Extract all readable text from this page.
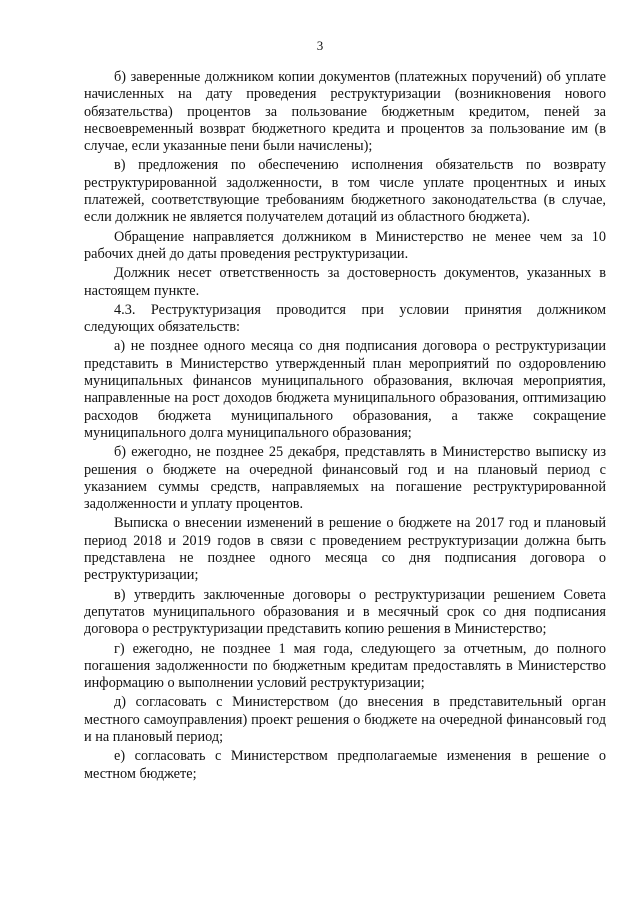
3

б) заверенные должником копии документов (платежных поручений) об уплате начисленных на дату проведения реструктуризации (возникновения нового обязательства) процентов за пользование бюджетным кредитом, пеней за несвоевременный возврат бюджетного кредита и процентов за пользование им (в случае, если указанные пени были начислены);

в) предложения по обеспечению исполнения обязательств по возврату реструктурированной задолженности, в том числе уплате процентных и иных платежей, соответствующие требованиям бюджетного законодательства (в случае, если должник не является получателем дотаций из областного бюджета).

Обращение направляется должником в Министерство не менее чем за 10 рабочих дней до даты проведения реструктуризации.

Должник несет ответственность за достоверность документов, указанных в настоящем пункте.

4.3. Реструктуризация проводится при условии принятия должником следующих обязательств:

а) не позднее одного месяца со дня подписания договора о реструктуризации представить в Министерство утвержденный план мероприятий по оздоровлению муниципальных финансов муниципального образования, включая мероприятия, направленные на рост доходов бюджета муниципального образования, оптимизацию расходов бюджета муниципального образования, а также сокращение муниципального долга муниципального образования;

б) ежегодно, не позднее 25 декабря, представлять в Министерство выписку из решения о бюджете на очередной финансовый год и на плановый период с указанием суммы средств, направляемых на погашение реструктурированной задолженности и уплату процентов.

Выписка о внесении изменений в решение о бюджете на 2017 год и плановый период 2018 и 2019 годов в связи с проведением реструктуризации должна быть представлена не позднее одного месяца со дня подписания договора о реструктуризации;

в) утвердить заключенные договоры о реструктуризации решением Совета депутатов муниципального образования и в месячный срок со дня подписания договора о реструктуризации представить копию решения в Министерство;

г) ежегодно, не позднее 1 мая года, следующего за отчетным, до полного погашения задолженности по бюджетным кредитам предоставлять в Министерство информацию о выполнении условий реструктуризации;

д) согласовать с Министерством (до внесения в представительный орган местного самоуправления) проект решения о бюджете на очередной финансовый год и на плановый период;

е) согласовать с Министерством предполагаемые изменения в решение о местном бюджете;
